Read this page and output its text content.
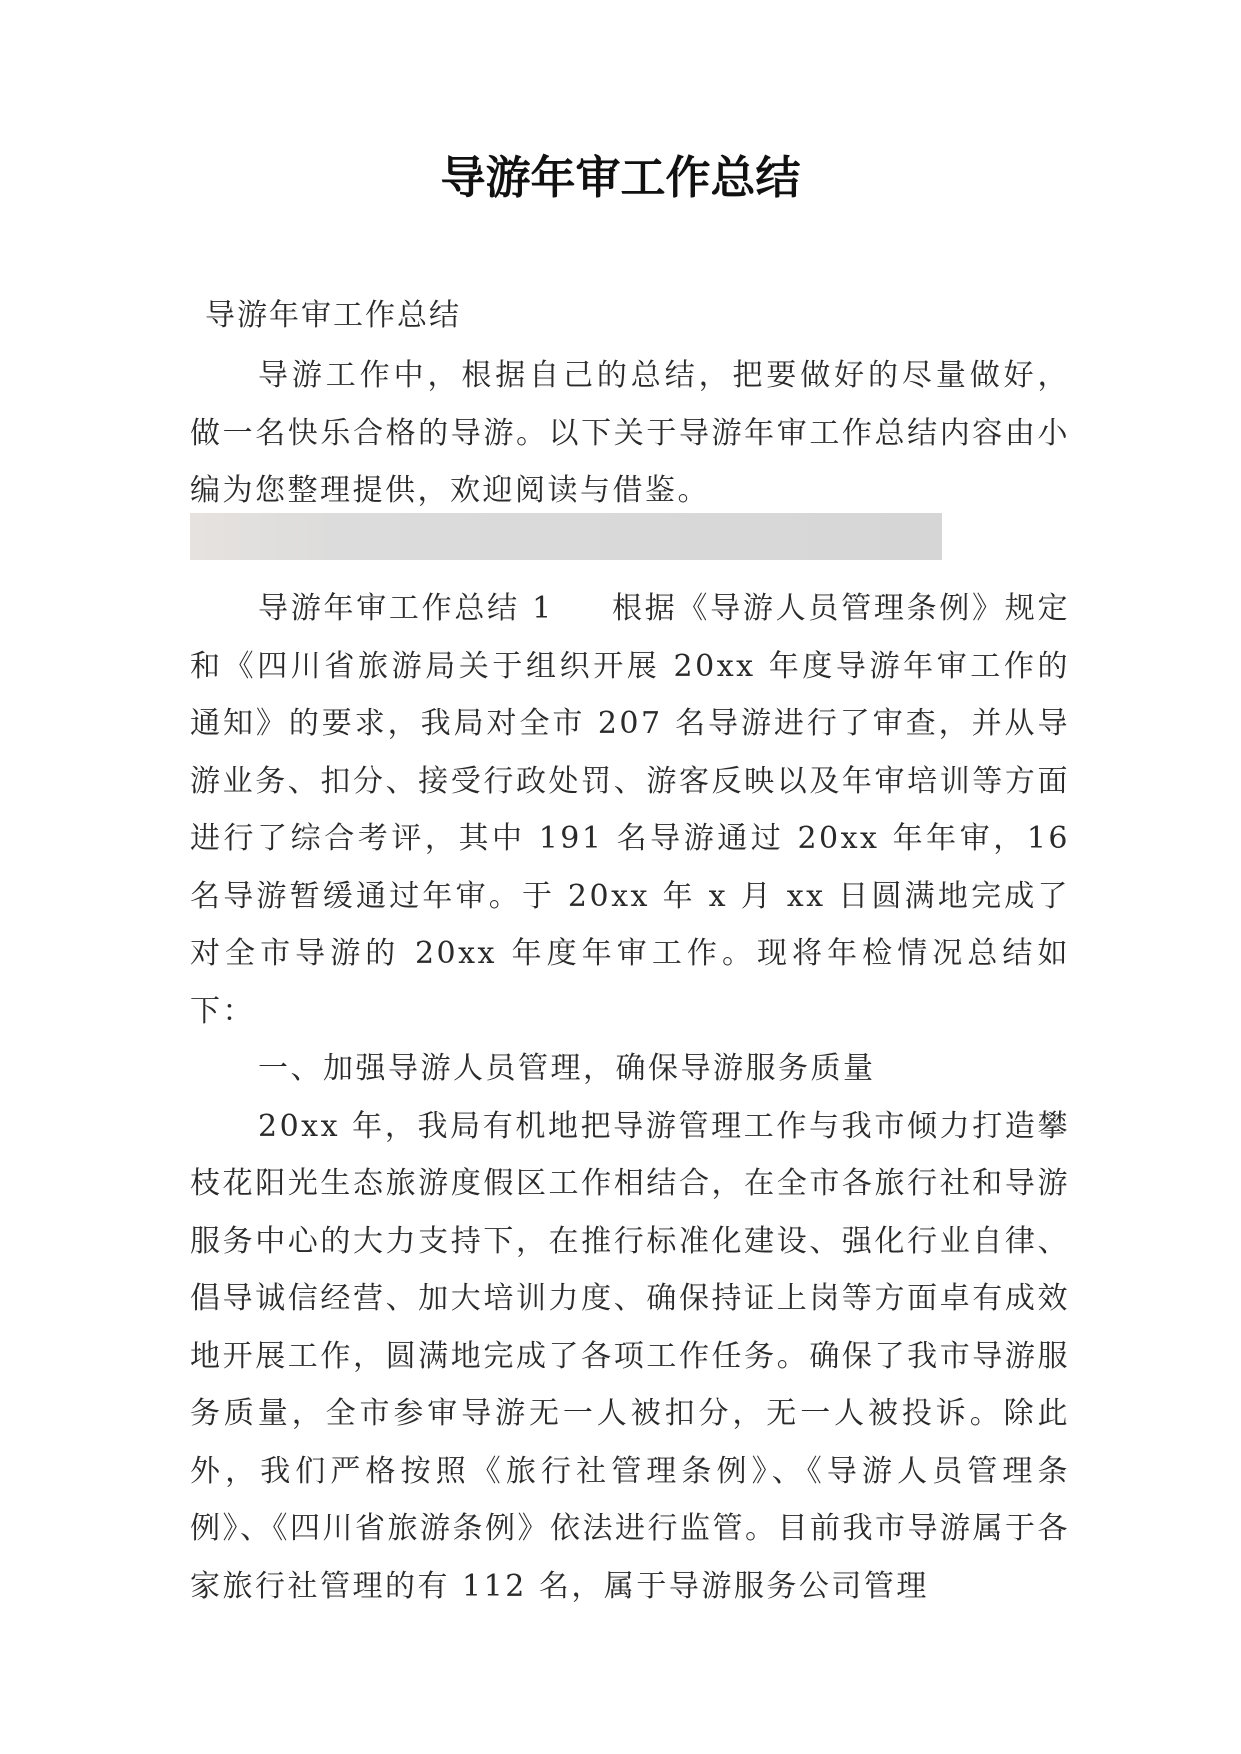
导游年审工作总结
导游年审工作总结

导游工作中，根据自己的总结，把要做好的尽量做好，做一名快乐合格的导游。以下关于导游年审工作总结内容由小编为您整理提供，欢迎阅读与借鉴。

导游年审工作总结 1 根据《导游人员管理条例》规定和《四川省旅游局关于组织开展 20xx 年度导游年审工作的通知》的要求，我局对全市 207 名导游进行了审查，并从导游业务、扣分、接受行政处罚、游客反映以及年审培训等方面进行了综合考评，其中 191 名导游通过 20xx 年年审，16 名导游暂缓通过年审。于 20xx 年 x 月 xx 日圆满地完成了对全市导游的 20xx 年度年审工作。现将年检情况总结如下：

一、加强导游人员管理，确保导游服务质量

20xx 年，我局有机地把导游管理工作与我市倾力打造攀枝花阳光生态旅游度假区工作相结合，在全市各旅行社和导游服务中心的大力支持下，在推行标准化建设、强化行业自律、倡导诚信经营、加大培训力度、确保持证上岗等方面卓有成效地开展工作，圆满地完成了各项工作任务。确保了我市导游服务质量，全市参审导游无一人被扣分，无一人被投诉。除此外，我们严格按照《旅行社管理条例》、《导游人员管理条例》、《四川省旅游条例》依法进行监管。目前我市导游属于各家旅行社管理的有 112 名，属于导游服务公司管理
